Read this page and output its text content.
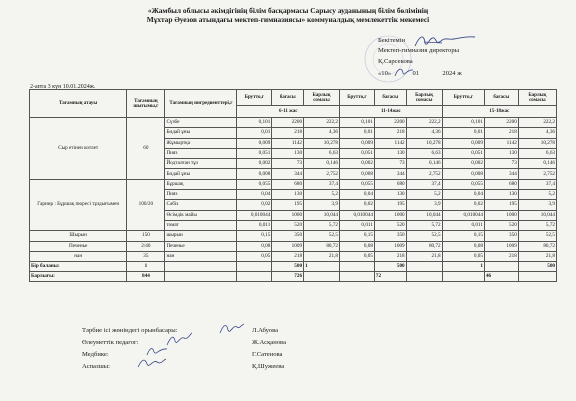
«Жамбыл облысы әкімдігінің білім басқармасы Сарысу ауданының білім бөлімінің
Мұхтар Әуезов атындағы мектеп-гимназиясы» коммуналдық мемлекеттік мекемесі
Бекітемін
Мектеп-гимназия директоры
Қ.Сарсекова
«10»	01	2024 ж
2-апта 3 күн 10.01.2024ж.
Тағамның атауы	Тағамның шығымы,г	Тағамның ингредиенттері,г	Брутто,г	бағасы	Барлық сомасы	Брутто,г	бағасы	Барлық сомасы	Брутто,г	бағасы	Барлық сомасы
			6-11 жас			11-14жас			15-18жас		
Сыр етінен котлет	60	Сүзбе	0,101	2200	222,2	0,101	2200	222,2	0,101	2200	222,2
		Бидай ұны	0,01	218	4,36	0,01	218	4,36	0,01	218	4,36
		Жұмыртқа	0,009	1142	10,278	0,009	1142	10,278	0,009	1142	10,278
		Пияз	0,051	130	6,63	0,051	130	6,63	0,051	130	6,63
		Йодталған тұз	0,002	73	0,146	0,002	73	0,146	0,002	73	0,146
		Бидай ұны	0,008	344	2,752	0,008	344	2,752	0,008	344	2,752
Гарнир : Бұршақ пюресі тұздығымен	100/20	Бұршақ	0,055	680	37,4	0,055	680	37,4	0,055	680	37,4
		Пияз	0,04	130	5,2	0,04	130	5,2	0,04	130	5,2
		Сәбіз	0,02	195	3,9	0,02	195	3,9	0,02	195	3,9
		Өсімдік майы	0,010044	1000	10,044	0,010044	1000	10,044	0,010044	1000	10,044
		томат	0,011	520	5,72	0,011	520	5,72	0,011	520	5,72
Шырын	150	шырын	0,15	350	52,5	0,15	350	52,5	0,15	350	52,5
Печенье	2/40	Печенье	0,08	1009	80,72	0,08	1009	80,72	0,08	1009	80,72
нан	35	нан	0,05	218	21,8	0,05	218	21,8	0,05	218	21,8
Бір баланы:	1			500	1		500		1		500
Барлығы:	844			726			72			46	
Тәрбие ісі жөніндегі орынбасары:	Л.Абуова
Өлеуметтік педагог:	Ж.Асқанова
Медбике:	Г.Сатенова
Аспазшы:	Қ.Шужеева
